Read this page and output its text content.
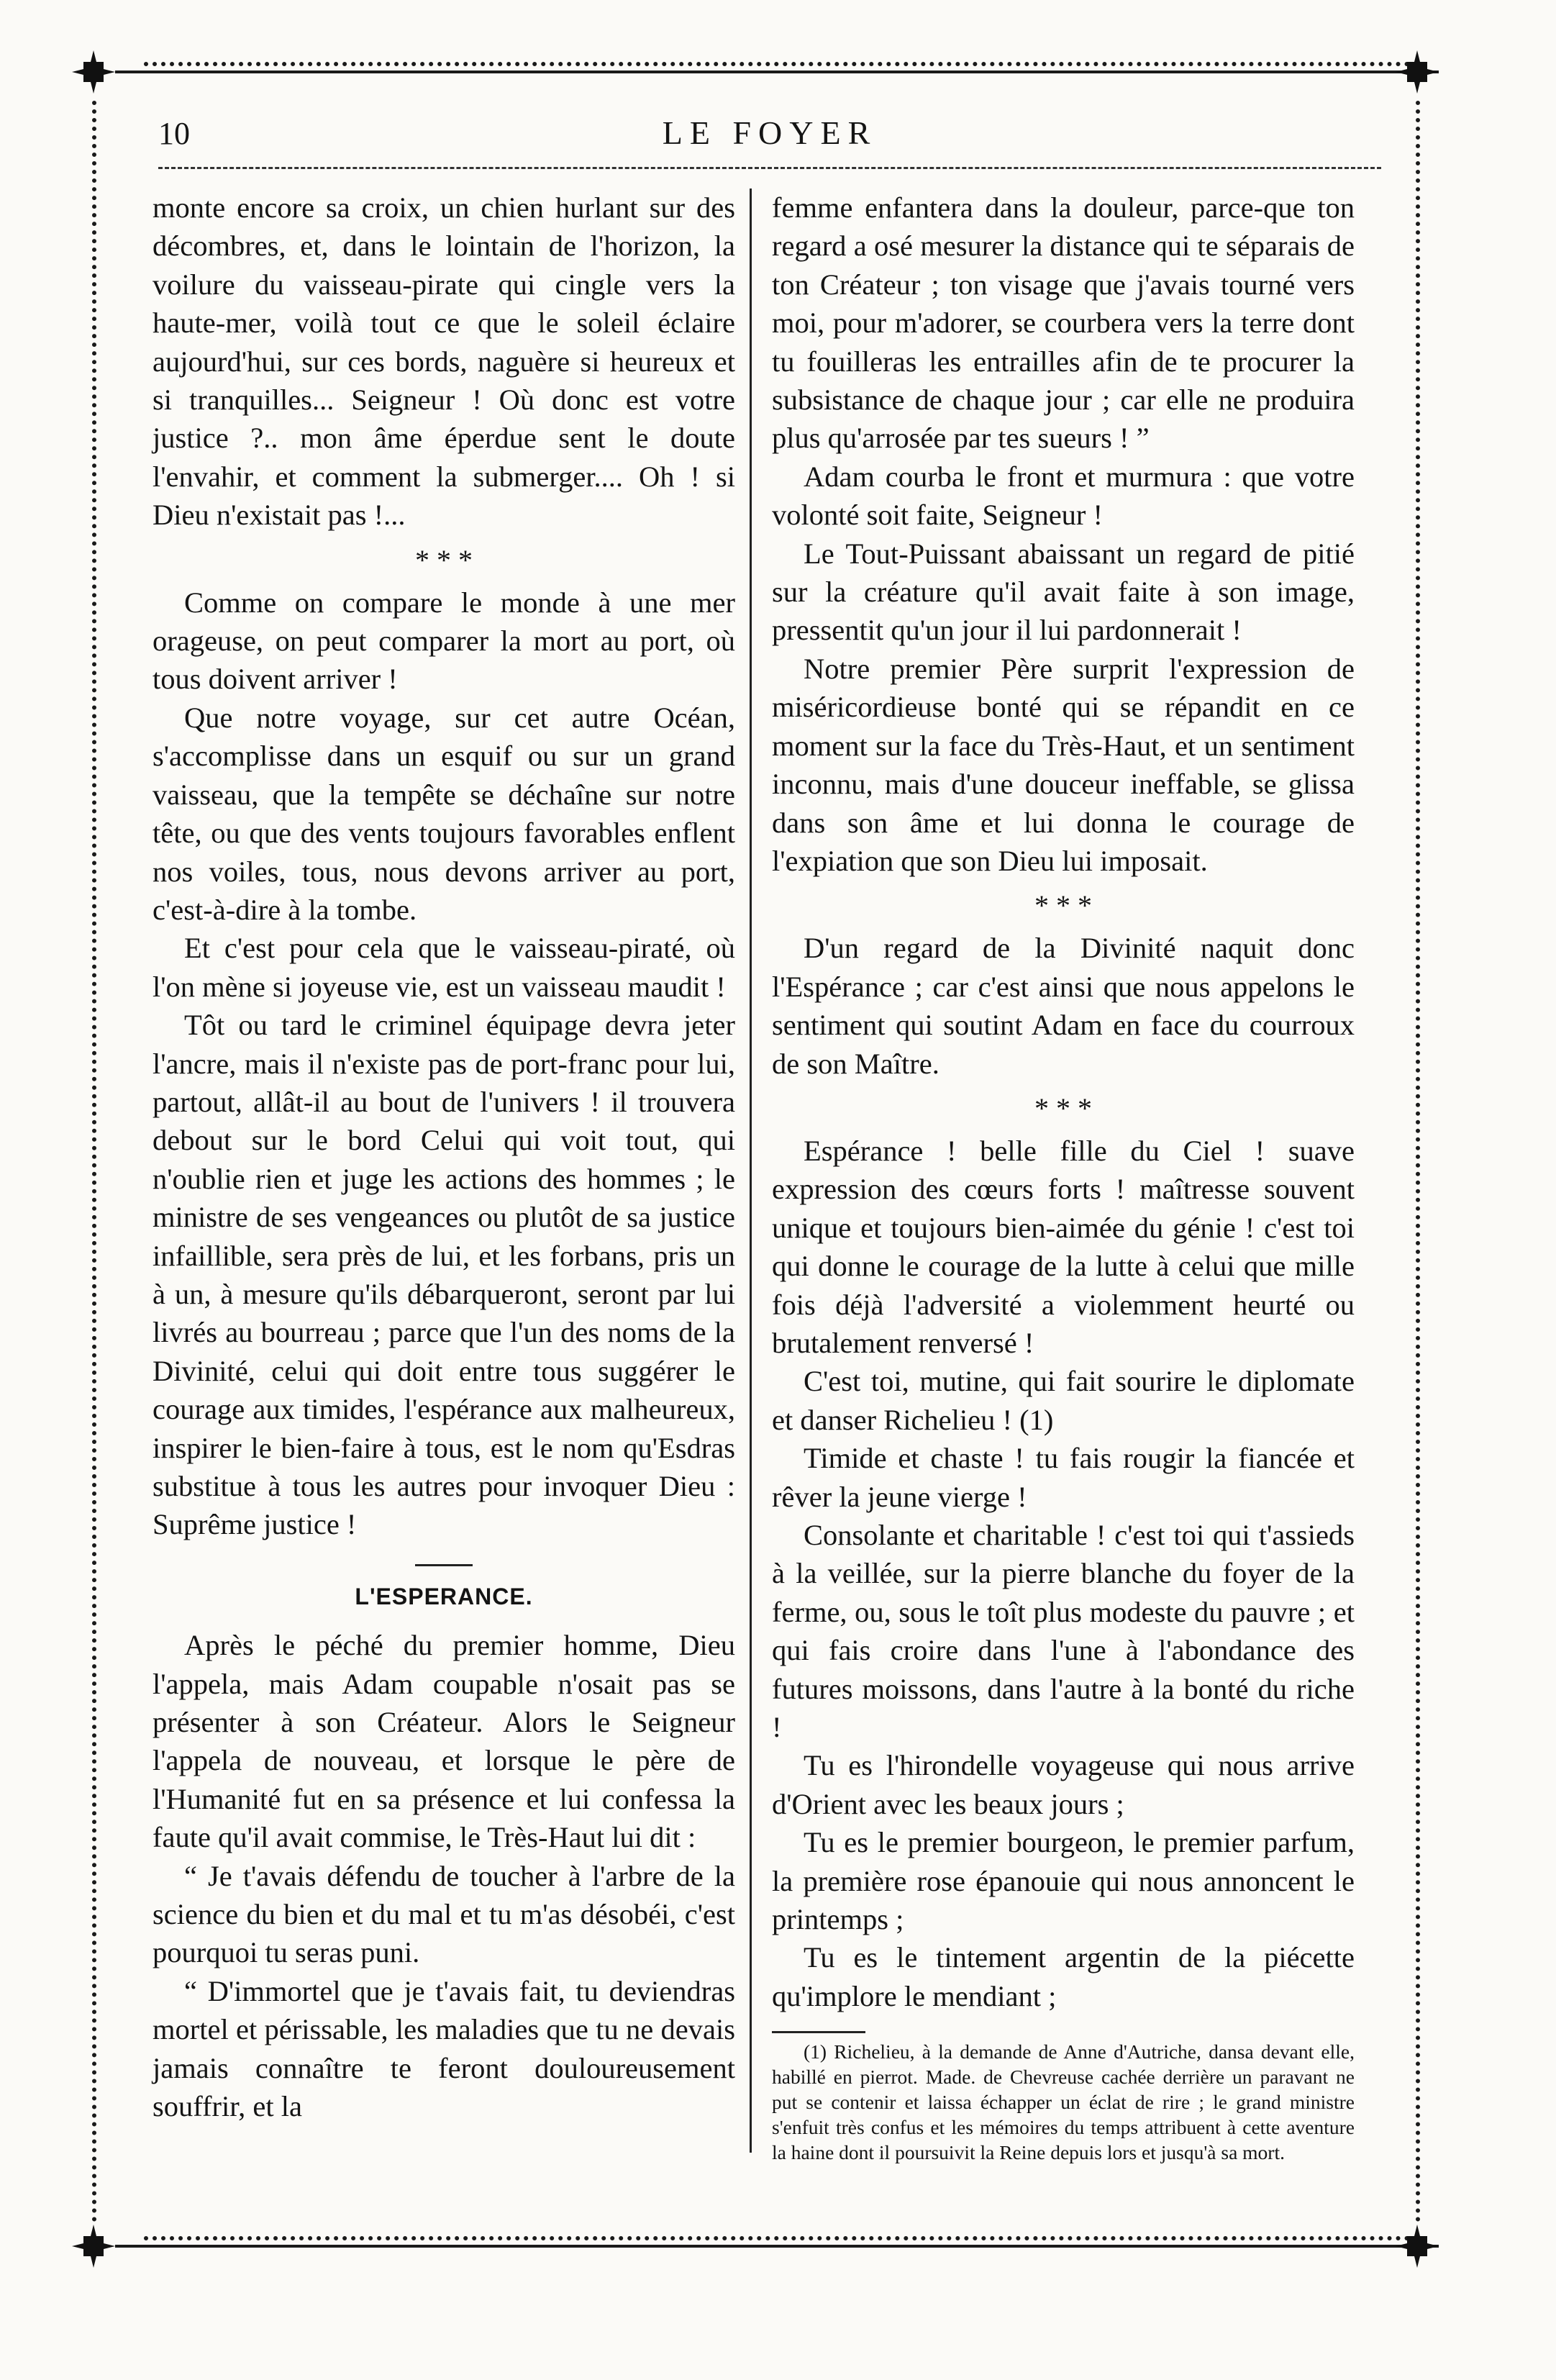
10	LE FOYER

monte encore sa croix, un chien hurlant sur des décombres, et, dans le lointain de l'horizon, la voilure du vaisseau-pirate qui cingle vers la haute-mer, voilà tout ce que le soleil éclaire aujourd'hui, sur ces bords, naguère si heureux et si tranquilles... Seigneur ! Où donc est votre justice ?.. mon âme éperdue sent le doute l'envahir, et comment la submerger.... Oh ! si Dieu n'existait pas !...

* * *

Comme on compare le monde à une mer orageuse, on peut comparer la mort au port, où tous doivent arriver !

Que notre voyage, sur cet autre Océan, s'accomplisse dans un esquif ou sur un grand vaisseau, que la tempête se déchaîne sur notre tête, ou que des vents toujours favorables enflent nos voiles, tous, nous devons arriver au port, c'est-à-dire à la tombe.

Et c'est pour cela que le vaisseau-piraté, où l'on mène si joyeuse vie, est un vaisseau maudit !

Tôt ou tard le criminel équipage devra jeter l'ancre, mais il n'existe pas de port-franc pour lui, partout, allât-il au bout de l'univers ! il trouvera debout sur le bord Celui qui voit tout, qui n'oublie rien et juge les actions des hommes ; le ministre de ses vengeances ou plutôt de sa justice infaillible, sera près de lui, et les forbans, pris un à un, à mesure qu'ils débarqueront, seront par lui livrés au bourreau ; parce que l'un des noms de la Divinité, celui qui doit entre tous suggérer le courage aux timides, l'espérance aux malheureux, inspirer le bien-faire à tous, est le nom qu'Esdras substitue à tous les autres pour invoquer Dieu : Suprême justice !

L'ESPERANCE.

Après le péché du premier homme, Dieu l'appela, mais Adam coupable n'osait pas se présenter à son Créateur. Alors le Seigneur l'appela de nouveau, et lorsque le père de l'Humanité fut en sa présence et lui confessa la faute qu'il avait commise, le Très-Haut lui dit :

“ Je t'avais défendu de toucher à l'arbre de la science du bien et du mal et tu m'as désobéi, c'est pourquoi tu seras puni.

“ D'immortel que je t'avais fait, tu deviendras mortel et périssable, les maladies que tu ne devais jamais connaître te feront douloureusement souffrir, et la

femme enfantera dans la douleur, parce-que ton regard a osé mesurer la distance qui te séparais de ton Créateur ; ton visage que j'avais tourné vers moi, pour m'adorer, se courbera vers la terre dont tu fouilleras les entrailles afin de te procurer la subsistance de chaque jour ; car elle ne produira plus qu'arrosée par tes sueurs ! ”

Adam courba le front et murmura : que votre volonté soit faite, Seigneur !

Le Tout-Puissant abaissant un regard de pitié sur la créature qu'il avait faite à son image, pressentit qu'un jour il lui pardonnerait !

Notre premier Père surprit l'expression de miséricordieuse bonté qui se répandit en ce moment sur la face du Très-Haut, et un sentiment inconnu, mais d'une douceur ineffable, se glissa dans son âme et lui donna le courage de l'expiation que son Dieu lui imposait.

* * *

D'un regard de la Divinité naquit donc l'Espérance ; car c'est ainsi que nous appelons le sentiment qui soutint Adam en face du courroux de son Maître.

* * *

Espérance ! belle fille du Ciel ! suave expression des cœurs forts ! maîtresse souvent unique et toujours bien-aimée du génie ! c'est toi qui donne le courage de la lutte à celui que mille fois déjà l'adversité a violemment heurté ou brutalement renversé !

C'est toi, mutine, qui fait sourire le diplomate et danser Richelieu ! (1)

Timide et chaste ! tu fais rougir la fiancée et rêver la jeune vierge !

Consolante et charitable ! c'est toi qui t'assieds à la veillée, sur la pierre blanche du foyer de la ferme, ou, sous le toît plus modeste du pauvre ; et qui fais croire dans l'une à l'abondance des futures moissons, dans l'autre à la bonté du riche !

Tu es l'hirondelle voyageuse qui nous arrive d'Orient avec les beaux jours ;

Tu es le premier bourgeon, le premier parfum, la première rose épanouie qui nous annoncent le printemps ;

Tu es le tintement argentin de la piécette qu'implore le mendiant ;

(1) Richelieu, à la demande de Anne d'Autriche, dansa devant elle, habillé en pierrot. Made. de Chevreuse cachée derrière un paravant ne put se contenir et laissa échapper un éclat de rire ; le grand ministre s'enfuit très confus et les mémoires du temps attribuent à cette aventure la haine dont il poursuivit la Reine depuis lors et jusqu'à sa mort.
